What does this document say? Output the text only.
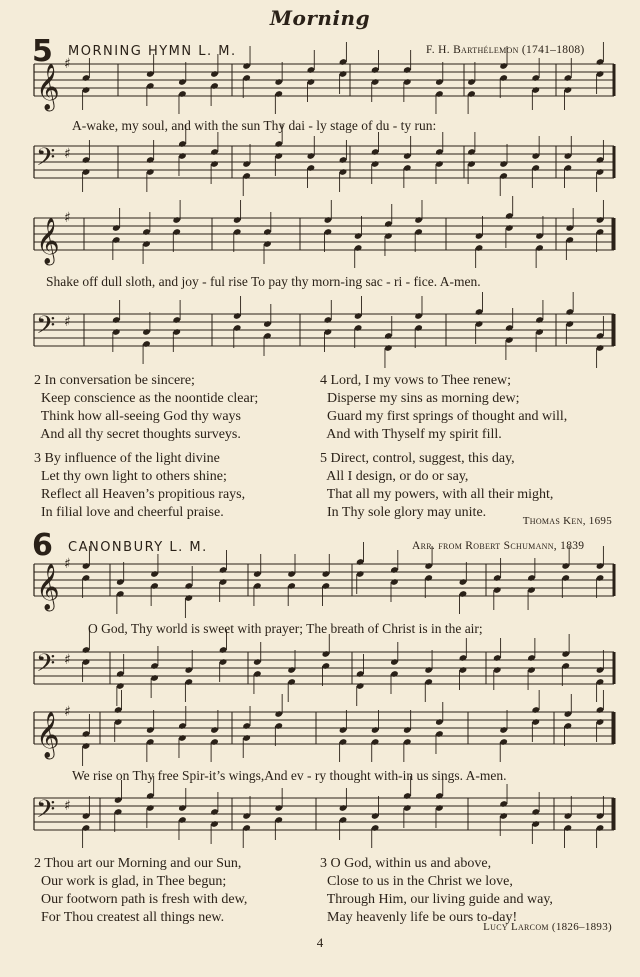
Morning
5 MORNING HYMN L. M.	F. H. Barthélemon (1741–1808)
𝄞 ♯
A-wake, my soul, and with the sun Thy dai - ly stage of du - ty run:
𝄢 ♯
𝄞 ♯
Shake off dull sloth, and joy - ful rise To pay thy morn-ing sac - ri - fice. A-men.
𝄢 ♯
2 In conversation be sincere;
Keep conscience as the noontide clear;
Think how all-seeing God thy ways
And all thy secret thoughts surveys.
3 By influence of the light divine
Let thy own light to others shine;
Reflect all Heaven’s propitious rays,
In filial love and cheerful praise.
4 Lord, I my vows to Thee renew;
Disperse my sins as morning dew;
Guard my first springs of thought and will,
And with Thyself my spirit fill.
5 Direct, control, suggest, this day,
All I design, or do or say,
That all my powers, with all their might,
In Thy sole glory may unite.
Thomas Ken, 1695
6 CANONBURY L. M.	Arr. from Robert Schumann, 1839
𝄞 ♯
O God, Thy world is sweet with prayer; The breath of Christ is in the air;
𝄢 ♯
𝄞 ♯
We rise on Thy free Spir-it’s wings,And ev - ry thought with-in us sings. A-men.
𝄢 ♯
2 Thou art our Morning and our Sun,
Our work is glad, in Thee begun;
Our footworn path is fresh with dew,
For Thou createst all things new.
3 O God, within us and above,
Close to us in the Christ we love,
Through Him, our living guide and way,
May heavenly life be ours to-day!
Lucy Larcom (1826–1893)
4
